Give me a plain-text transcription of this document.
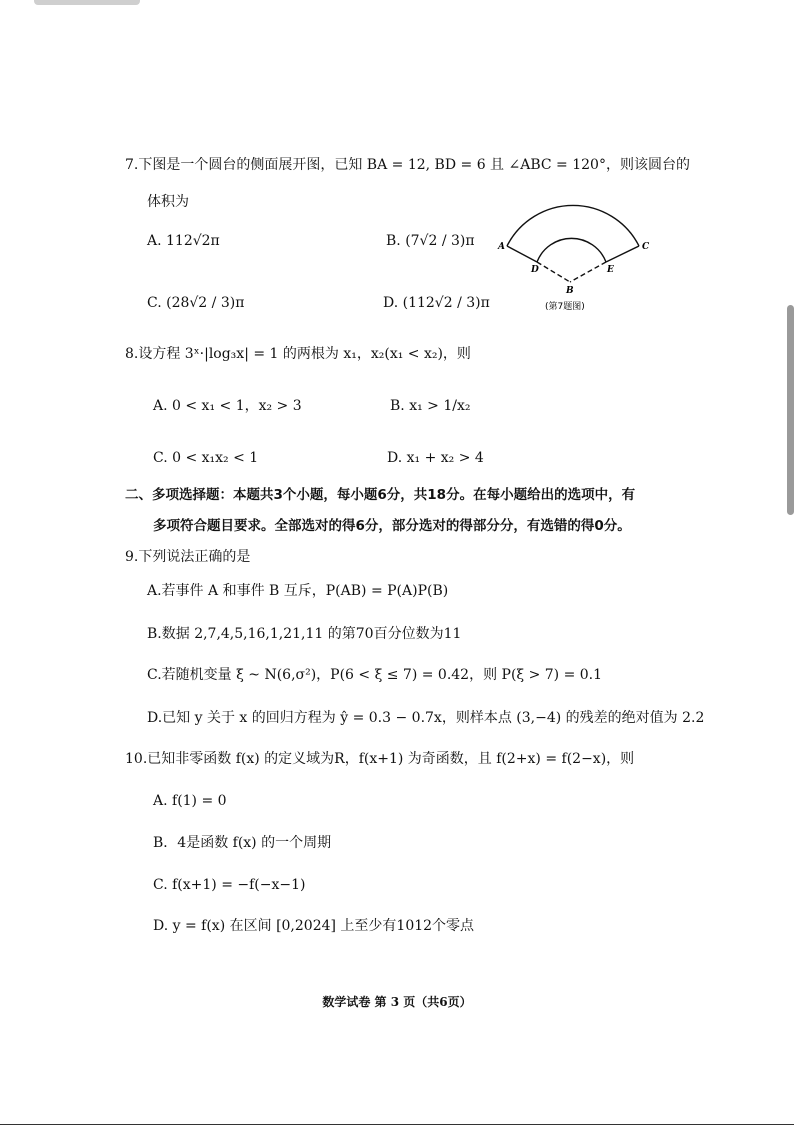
7.下图是一个圆台的侧面展开图，已知 BA = 12, BD = 6 且 ∠ABC = 120°，则该圆台的
体积为
A. 112√2π	B. (7√2 / 3)π
C. (28√2 / 3)π	D. (112√2 / 3)π
A	C
D	E
B
(第7题图)
8.设方程 3ˣ·|log₃x| = 1 的两根为 x₁，x₂(x₁ < x₂)，则
A. 0 < x₁ < 1，x₂ > 3	B. x₁ > 1/x₂
C. 0 < x₁x₂ < 1	D. x₁ + x₂ > 4
二、多项选择题：本题共3个小题，每小题6分，共18分。在每小题给出的选项中，有
多项符合题目要求。全部选对的得6分，部分选对的得部分分，有选错的得0分。
9.下列说法正确的是
A.若事件 A 和事件 B 互斥，P(AB) = P(A)P(B)
B.数据 2,7,4,5,16,1,21,11 的第70百分位数为11
C.若随机变量 ξ ~ N(6,σ²)，P(6 < ξ ≤ 7) = 0.42，则 P(ξ > 7) = 0.1
D.已知 y 关于 x 的回归方程为 ŷ = 0.3 − 0.7x，则样本点 (3,−4) 的残差的绝对值为 2.2
10.已知非零函数 f(x) 的定义域为R，f(x+1) 为奇函数，且 f(2+x) = f(2−x)，则
A. f(1) = 0
B．4是函数 f(x) 的一个周期
C. f(x+1) = −f(−x−1)
D. y = f(x) 在区间 [0,2024] 上至少有1012个零点
数学试卷 第 3 页（共6页）
